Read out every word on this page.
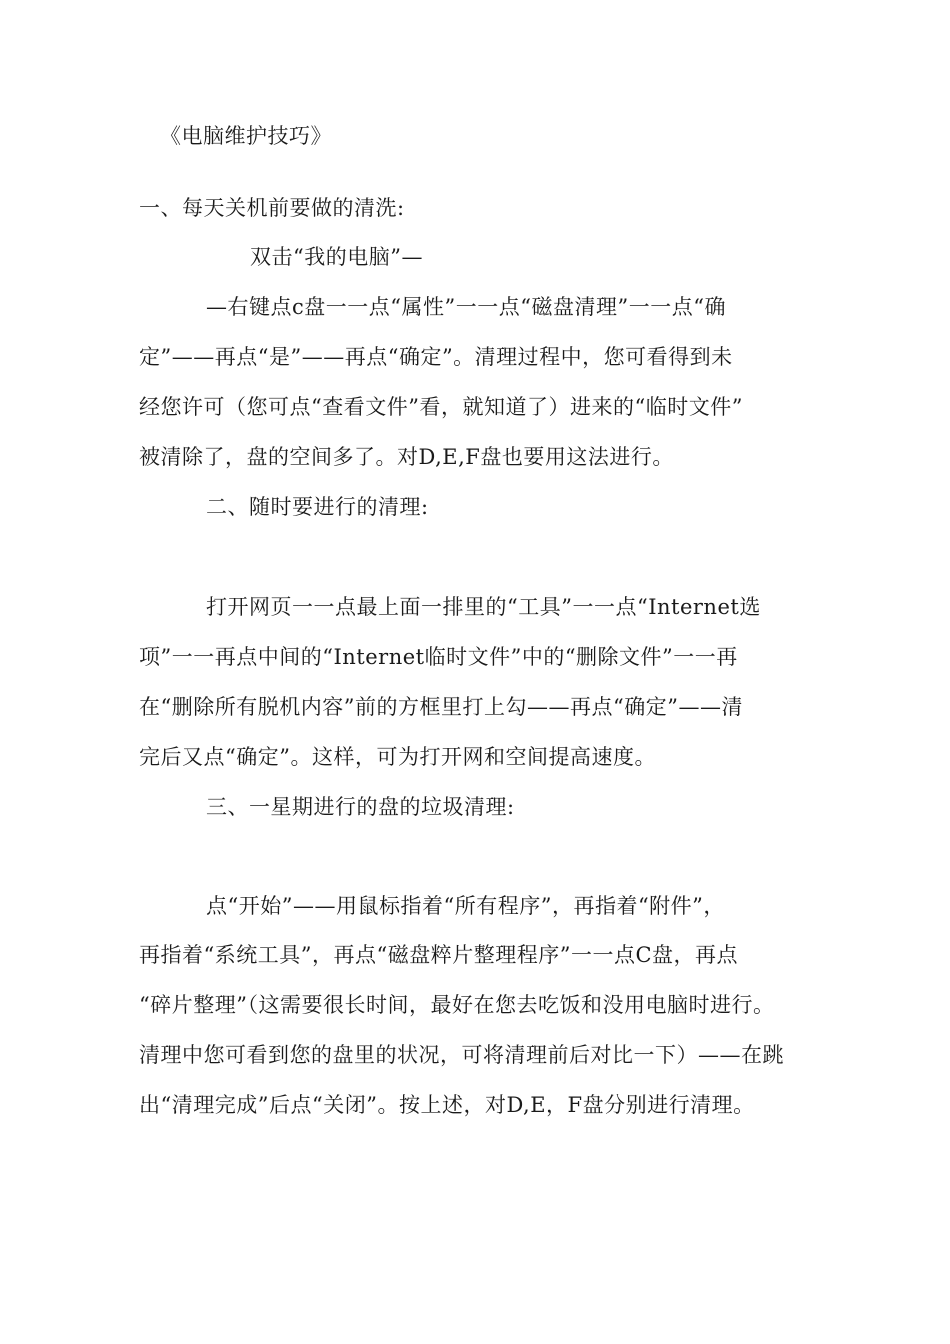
《电脑维护技巧》
一、每天关机前要做的清洗:
双击“我的电脑”—
—右键点c盘一一点“属性”一一点“磁盘清理”一一点“确
定”——再点“是”——再点“确定”。清理过程中，您可看得到未
经您许可（您可点“查看文件”看，就知道了）进来的“临时文件”
被清除了，盘的空间多了。对D,E,F盘也要用这法进行。
二、随时要进行的清理:
打开网页一一点最上面一排里的“工具”一一点“Internet选
项”一一再点中间的“Internet临时文件”中的“删除文件”一一再
在“删除所有脱机内容”前的方框里打上勾——再点“确定”——清
完后又点“确定”。这样，可为打开网和空间提高速度。
三、一星期进行的盘的垃圾清理:
点“开始”——用鼠标指着“所有程序”，再指着“附件”，
再指着“系统工具”，再点“磁盘粹片整理程序”一一点C盘，再点
“碎片整理”（这需要很长时间，最好在您去吃饭和没用电脑时进行。
清理中您可看到您的盘里的状况，可将清理前后对比一下）——在跳
出“清理完成”后点“关闭”。按上述，对D,E，F盘分别进行清理。
